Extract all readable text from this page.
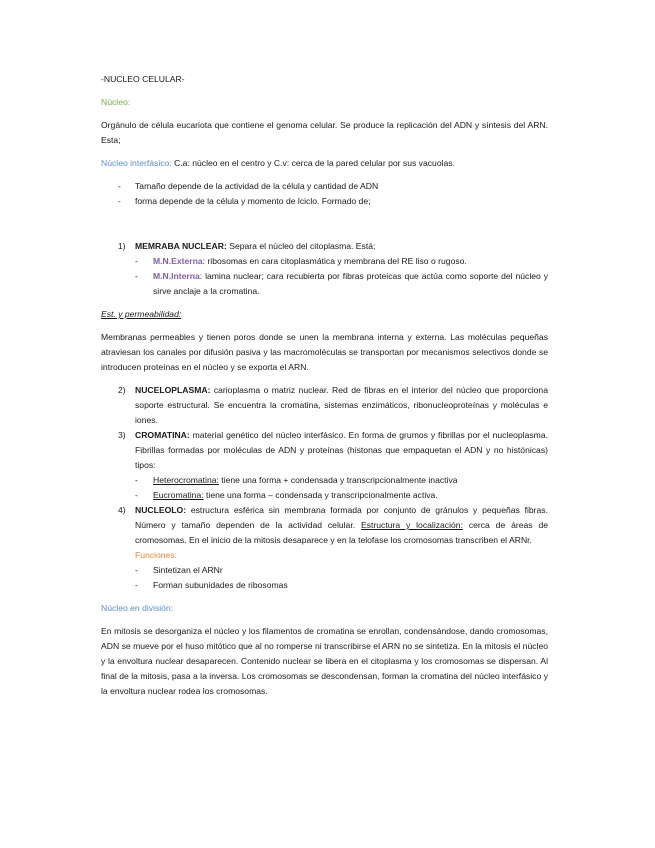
-NUCLEO CELULAR-

Núcleo:

Orgánulo de célula eucariota que contiene el genoma celular. Se produce la replicación del ADN y síntesis del ARN. Esta;

Núcleo interfásico: C.a: núcleo en el centro y C.v: cerca de la pared celular por sus vacuolas.

- Tamaño depende de la actividad de la célula y cantidad de ADN
- forma depende de la célula y momento de lciclo. Formado de;
1) MEMRABA NUCLEAR: Separa el núcleo del citoplasma. Está;
- M.N.Externa: ribosomas en cara citoplasmática y membrana del RE liso o rugoso.
- M.N.Interna: lamina nuclear; cara recubierta por fibras proteicas que actúa como soporte del núcleo y sirve anclaje a la cromatina.

Est. y permeabilidad:

Membranas permeables y tienen poros donde se unen la membrana interna y externa. Las moléculas pequeñas atraviesan los canales por difusión pasiva y las macromoléculas se transportan por mecanismos selectivos donde se introducen proteínas en el núcleo y se exporta el ARN.

2) NUCELOPLASMA: carioplasma o matriz nuclear. Red de fibras en el interior del núcleo que proporciona soporte estructural. Se encuentra la cromatina, sistemas enzimáticos, ribonucleoproteínas y moléculas e iones.
3) CROMATINA: material genético del núcleo interfásico. En forma de grumos y fibrillas por el nucleoplasma. Fibrillas formadas por moléculas de ADN y proteínas (histonas que empaquetan el ADN y no histónicas) tipos:
- Heterocromatina: tiene una forma + condensada y transcripcionalmente inactiva
- Eucromatina: tiene una forma – condensada y transcripcionalmente activa.
4) NUCLEOLO: estructura esférica sin membrana formada por conjunto de gránulos y pequeñas fibras. Número y tamaño dependen de la actividad celular. Estructura y localización: cerca de áreas de cromosomas. En el inicio de la mitosis desaparece y en la telofase los cromosomas transcriben el ARNr.

Funciones:

- Sintetizan el ARNr
- Forman subunidades de ribosomas

Núcleo en división:

En mitosis se desorganiza el núcleo y los filamentos de cromatina se enrollan, condensándose, dando cromosomas, ADN se mueve por el huso mitótico que al no romperse ni transcribirse el ARN no se sintetiza. En la mitosis el núcleo y la envoltura nuclear desaparecen. Contenido nuclear se libera en el citoplasma y los cromosomas se dispersan. Al final de la mitosis, pasa a la inversa. Los cromosomas se descondensan, forman la cromatina del núcleo interfásico y la envoltura nuclear rodea los cromosomas.
